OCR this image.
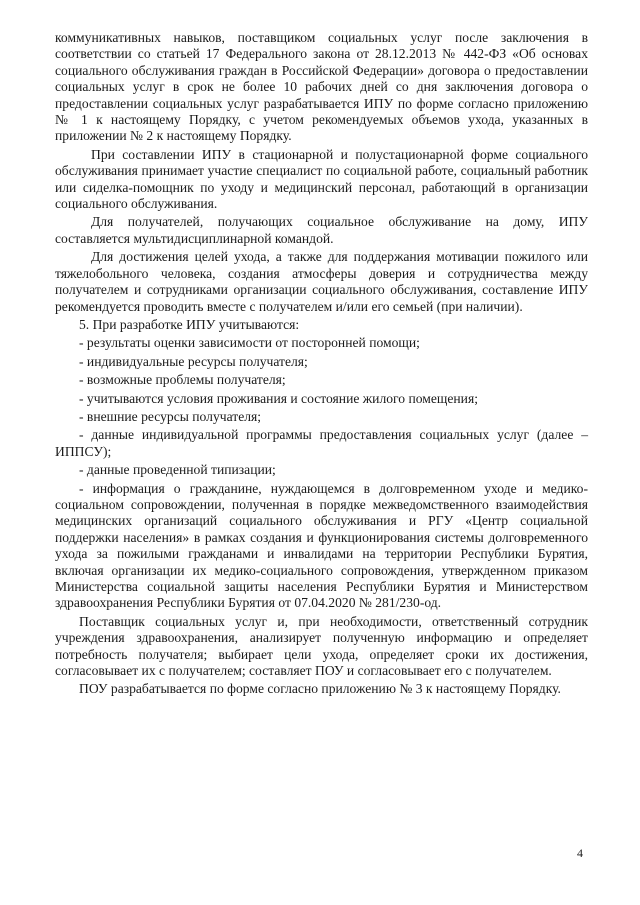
коммуникативных навыков, поставщиком социальных услуг после заключения в соответствии со статьей 17 Федерального закона от 28.12.2013 № 442-ФЗ «Об основах социального обслуживания граждан в Российской Федерации» договора о предоставлении социальных услуг в срок не более 10 рабочих дней со дня заключения договора о предоставлении социальных услуг разрабатывается ИПУ по форме согласно приложению № 1 к настоящему Порядку, с учетом рекомендуемых объемов ухода, указанных в приложении № 2 к настоящему Порядку.

При составлении ИПУ в стационарной и полустационарной форме социального обслуживания принимает участие специалист по социальной работе, социальный работник или сиделка-помощник по уходу и медицинский персонал, работающий в организации социального обслуживания.

Для получателей, получающих социальное обслуживание на дому, ИПУ составляется мультидисциплинарной командой.

Для достижения целей ухода, а также для поддержания мотивации пожилого или тяжелобольного человека, создания атмосферы доверия и сотрудничества между получателем и сотрудниками организации социального обслуживания, составление ИПУ рекомендуется проводить вместе с получателем и/или его семьей (при наличии).

5. При разработке ИПУ учитываются:

- результаты оценки зависимости от посторонней помощи;

- индивидуальные ресурсы получателя;

- возможные проблемы получателя;

- учитываются условия проживания и состояние жилого помещения;

- внешние ресурсы получателя;

- данные индивидуальной программы предоставления социальных услуг (далее – ИППСУ);

- данные проведенной типизации;

- информация о гражданине, нуждающемся в долговременном уходе и медико-социальном сопровождении, полученная в порядке межведомственного взаимодействия медицинских организаций социального обслуживания и РГУ «Центр социальной поддержки населения» в рамках создания и функционирования системы долговременного ухода за пожилыми гражданами и инвалидами на территории Республики Бурятия, включая организации их медико-социального сопровождения, утвержденном приказом Министерства социальной защиты населения Республики Бурятия и Министерством здравоохранения Республики Бурятия от 07.04.2020 № 281/230-од.

Поставщик социальных услуг и, при необходимости, ответственный сотрудник учреждения здравоохранения, анализирует полученную информацию и определяет потребность получателя; выбирает цели ухода, определяет сроки их достижения, согласовывает их с получателем; составляет ПОУ и согласовывает его с получателем.

ПОУ разрабатывается по форме согласно приложению № 3 к настоящему Порядку.

4
